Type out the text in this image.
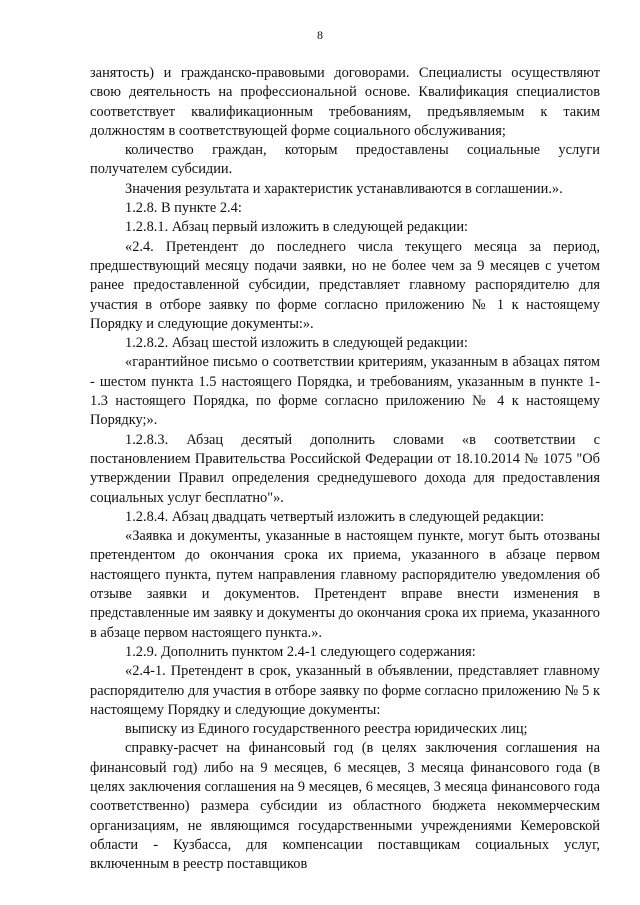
8

занятость) и гражданско-правовыми договорами. Специалисты осуществляют свою деятельность на профессиональной основе. Квалификация специалистов соответствует квалификационным требованиям, предъявляемым к таким должностям в соответствующей форме социального обслуживания;

количество граждан, которым предоставлены социальные услуги получателем субсидии.

Значения результата и характеристик устанавливаются в соглашении.».

1.2.8. В пункте 2.4:

1.2.8.1. Абзац первый изложить в следующей редакции:

«2.4. Претендент до последнего числа текущего месяца за период, предшествующий месяцу подачи заявки, но не более чем за 9 месяцев с учетом ранее предоставленной субсидии, представляет главному распорядителю для участия в отборе заявку по форме согласно приложению № 1 к настоящему Порядку и следующие документы:».

1.2.8.2. Абзац шестой изложить в следующей редакции:

«гарантийное письмо о соответствии критериям, указанным в абзацах пятом - шестом пункта 1.5 настоящего Порядка, и требованиям, указанным в пункте 1-1.3 настоящего Порядка, по форме согласно приложению № 4 к настоящему Порядку;».

1.2.8.3. Абзац десятый дополнить словами «в соответствии с постановлением Правительства Российской Федерации от 18.10.2014 № 1075 "Об утверждении Правил определения среднедушевого дохода для предоставления социальных услуг бесплатно"».

1.2.8.4. Абзац двадцать четвертый изложить в следующей редакции:

«Заявка и документы, указанные в настоящем пункте, могут быть отозваны претендентом до окончания срока их приема, указанного в абзаце первом настоящего пункта, путем направления главному распорядителю уведомления об отзыве заявки и документов. Претендент вправе внести изменения в представленные им заявку и документы до окончания срока их приема, указанного в абзаце первом настоящего пункта.».

1.2.9. Дополнить пунктом 2.4-1 следующего содержания:

«2.4-1. Претендент в срок, указанный в объявлении, представляет главному распорядителю для участия в отборе заявку по форме согласно приложению № 5 к настоящему Порядку и следующие документы:

выписку из Единого государственного реестра юридических лиц;

справку-расчет на финансовый год (в целях заключения соглашения на финансовый год) либо на 9 месяцев, 6 месяцев, 3 месяца финансового года (в целях заключения соглашения на 9 месяцев, 6 месяцев, 3 месяца финансового года соответственно) размера субсидии из областного бюджета некоммерческим организациям, не являющимся государственными учреждениями Кемеровской области - Кузбасса, для компенсации поставщикам социальных услуг, включенным в реестр поставщиков
